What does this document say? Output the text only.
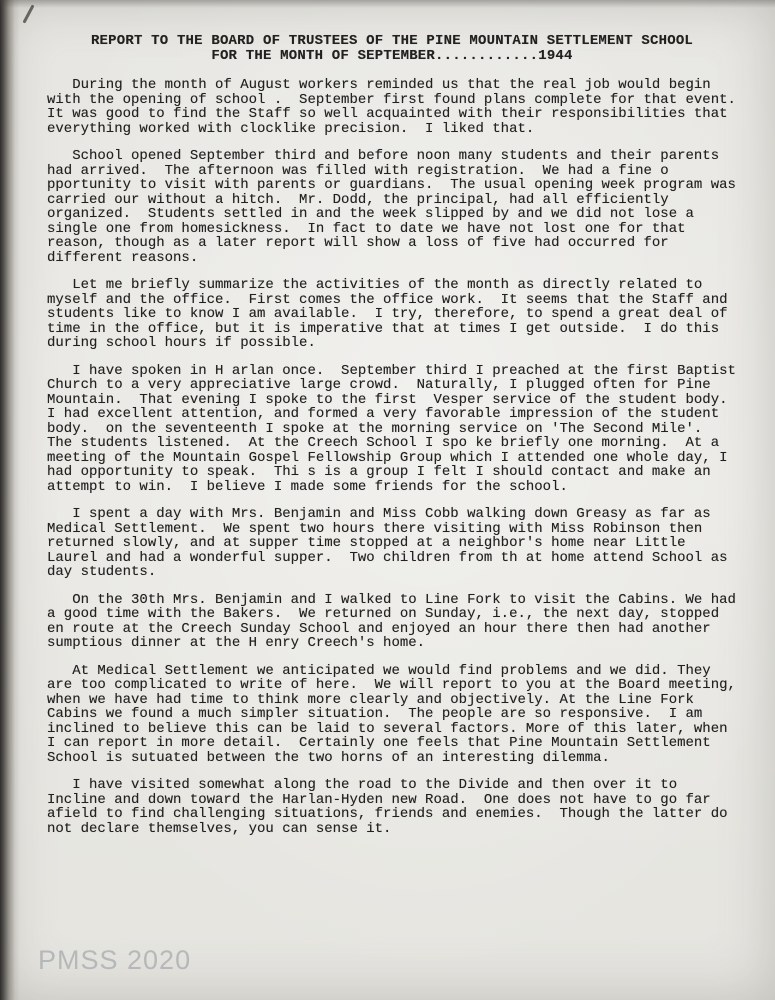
REPORT TO THE BOARD OF TRUSTEES OF THE PINE MOUNTAIN SETTLEMENT SCHOOL
FOR THE MONTH OF SEPTEMBER............1944

During the month of August workers reminded us that the real job would begin with the opening of school .  September first found plans complete for that event.  It was good to find the Staff so well acquainted with their responsibilities that everything worked with clocklike precision.  I liked that.

School opened September third and before noon many students and their parents had arrived.  The afternoon was filled with registration.  We had a fine o pportunity to visit with parents or guardians.  The usual opening week program was carried our without a hitch.  Mr. Dodd, the principal, had all efficiently organized.  Students settled in and the week slipped by and we did not lose a single one from homesickness.  In fact to date we have not lost one for that reason, though as a later report will show a loss of five had occurred for different reasons.

Let me briefly summarize the activities of the month as directly related to myself and the office.  First comes the office work.  It seems that the Staff and students like to know I am available.  I try, therefore, to spend a great deal of  time in the office, but it is imperative that at times I get outside.  I do this during school hours if possible.

I have spoken in H arlan once.  September third I preached at the first Baptist Church to a very appreciative large crowd.  Naturally, I plugged often for Pine Mountain.  That evening I spoke to the first  Vesper service of the student body.  I had excellent attention, and formed a very favorable impression of the student body.  on the seventeenth I spoke at the morning service on 'The Second Mile'.  The students listened.  At the Creech School I spo ke briefly one morning.  At a meeting of the Mountain Gospel Fellowship Group which I attended one whole day, I had opportunity to speak.  Thi s is a group I felt I should contact and make an attempt to win.  I believe I made some friends for the school.

I spent a day with Mrs. Benjamin and Miss Cobb walking down Greasy as far as Medical Settlement.  We spent two hours there visiting with Miss Robinson then returned slowly, and at supper time stopped at a neighbor's home near Little Laurel and had a wonderful supper.  Two children from th at home attend School as day students.

On the 30th Mrs. Benjamin and I walked to Line Fork to visit the Cabins. We had a good time with the Bakers.  We returned on Sunday, i.e., the next day, stopped en route at the Creech Sunday School and enjoyed an hour there then had another sumptious dinner at the H enry Creech's home.

At Medical Settlement we anticipated we would find problems and we did. They are too complicated to write of here.  We will report to you at the Board meeting, when we have had time to think more clearly and objectively. At the Line Fork Cabins we found a much simpler situation.  The people are so responsive.  I am inclined to believe this can be laid to several factors. More of this later, when I can report in more detail.  Certainly one feels that Pine Mountain Settlement School is sutuated between the two horns of an interesting dilemma.

I have visited somewhat along the road to the Divide and then over it to Incline and down toward the Harlan-Hyden new Road.  One does not have to go far afield to find challenging situations, friends and enemies.  Though the latter do not declare themselves, you can sense it.

PMSS 2020
